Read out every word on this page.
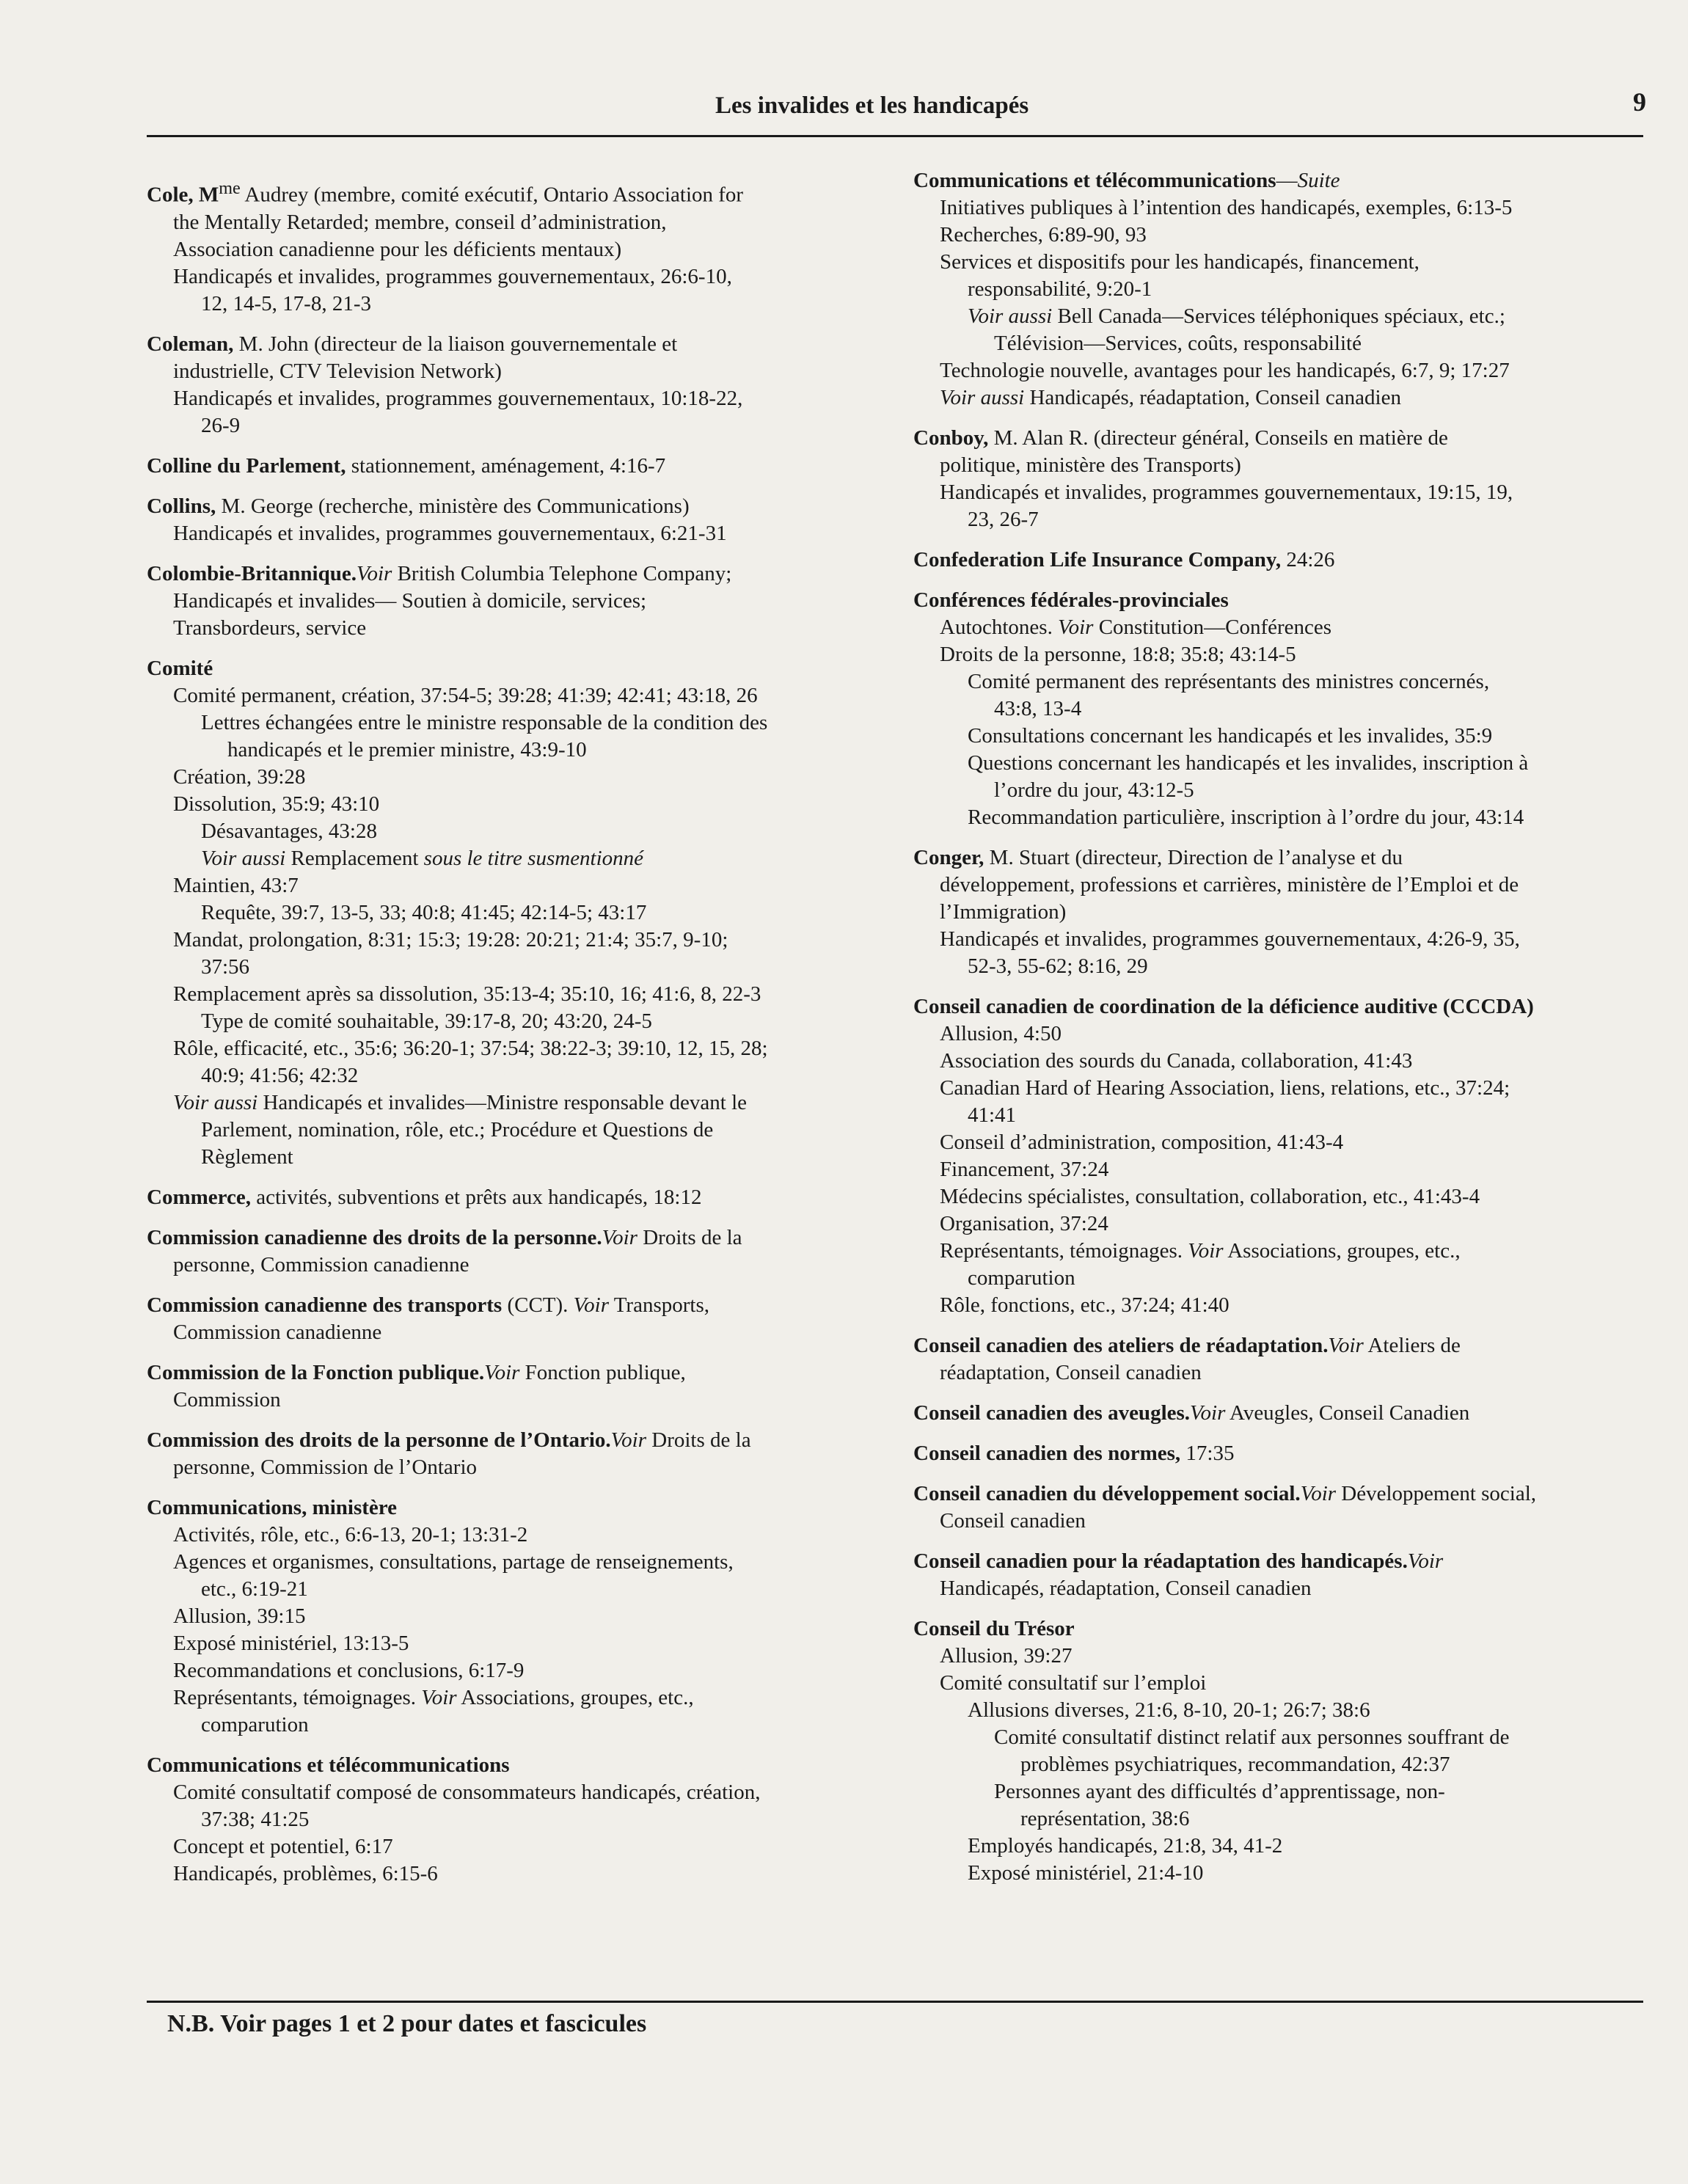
Les invalides et les handicapés	9
Cole, $M^{me}$ Audrey (membre, comité exécutif, Ontario Association for
the Mentally Retarded; membre, conseil d’administration,
Association canadienne pour les déficients mentaux)
Handicapés et invalides, programmes gouvernementaux, 26:6-10,
12, 14-5, 17-8, 21-3
Coleman, M. John (directeur de la liaison gouvernementale et
industrielle, CTV Television Network)
Handicapés et invalides, programmes gouvernementaux, 10:18-22,
26-9
Colline du Parlement, stationnement, aménagement, 4:16-7
Collins, M. George (recherche, ministère des Communications)
Handicapés et invalides, programmes gouvernementaux, 6:21-31
Colombie-Britannique.Voir British Columbia Telephone Company;
Handicapés et invalides— Soutien à domicile, services;
Transbordeurs, service
Comité
Comité permanent, création, 37:54-5; 39:28; 41:39; 42:41; 43:18, 26
Lettres échangées entre le ministre responsable de la condition des
handicapés et le premier ministre, 43:9-10
Création, 39:28
Dissolution, 35:9; 43:10
Désavantages, 43:28
Voir aussi Remplacement sous le titre susmentionné
Maintien, 43:7
Requête, 39:7, 13-5, 33; 40:8; 41:45; 42:14-5; 43:17
Mandat, prolongation, 8:31; 15:3; 19:28: 20:21; 21:4; 35:7, 9-10;
37:56
Remplacement après sa dissolution, 35:13-4; 35:10, 16; 41:6, 8, 22-3
Type de comité souhaitable, 39:17-8, 20; 43:20, 24-5
Rôle, efficacité, etc., 35:6; 36:20-1; 37:54; 38:22-3; 39:10, 12, 15, 28;
40:9; 41:56; 42:32
Voir aussi Handicapés et invalides—Ministre responsable devant le
Parlement, nomination, rôle, etc.; Procédure et Questions de
Règlement
Commerce, activités, subventions et prêts aux handicapés, 18:12
Commission canadienne des droits de la personne.Voir Droits de la
personne, Commission canadienne
Commission canadienne des transports (CCT). Voir Transports,
Commission canadienne
Commission de la Fonction publique.Voir Fonction publique,
Commission
Commission des droits de la personne de l’Ontario.Voir Droits de la
personne, Commission de l’Ontario
Communications, ministère
Activités, rôle, etc., 6:6-13, 20-1; 13:31-2
Agences et organismes, consultations, partage de renseignements,
etc., 6:19-21
Allusion, 39:15
Exposé ministériel, 13:13-5
Recommandations et conclusions, 6:17-9
Représentants, témoignages. Voir Associations, groupes, etc.,
comparution
Communications et télécommunications
Comité consultatif composé de consommateurs handicapés, création,
37:38; 41:25
Concept et potentiel, 6:17
Handicapés, problèmes, 6:15-6
Communications et télécommunications—Suite
Initiatives publiques à l’intention des handicapés, exemples, 6:13-5
Recherches, 6:89-90, 93
Services et dispositifs pour les handicapés, financement,
responsabilité, 9:20-1
Voir aussi Bell Canada—Services téléphoniques spéciaux, etc.;
Télévision—Services, coûts, responsabilité
Technologie nouvelle, avantages pour les handicapés, 6:7, 9; 17:27
Voir aussi Handicapés, réadaptation, Conseil canadien
Conboy, M. Alan R. (directeur général, Conseils en matière de
politique, ministère des Transports)
Handicapés et invalides, programmes gouvernementaux, 19:15, 19,
23, 26-7
Confederation Life Insurance Company, 24:26
Conférences fédérales-provinciales
Autochtones. Voir Constitution—Conférences
Droits de la personne, 18:8; 35:8; 43:14-5
Comité permanent des représentants des ministres concernés,
43:8, 13-4
Consultations concernant les handicapés et les invalides, 35:9
Questions concernant les handicapés et les invalides, inscription à
l’ordre du jour, 43:12-5
Recommandation particulière, inscription à l’ordre du jour, 43:14
Conger, M. Stuart (directeur, Direction de l’analyse et du
développement, professions et carrières, ministère de l’Emploi et de
l’Immigration)
Handicapés et invalides, programmes gouvernementaux, 4:26-9, 35,
52-3, 55-62; 8:16, 29
Conseil canadien de coordination de la déficience auditive (CCCDA)
Allusion, 4:50
Association des sourds du Canada, collaboration, 41:43
Canadian Hard of Hearing Association, liens, relations, etc., 37:24;
41:41
Conseil d’administration, composition, 41:43-4
Financement, 37:24
Médecins spécialistes, consultation, collaboration, etc., 41:43-4
Organisation, 37:24
Représentants, témoignages. Voir Associations, groupes, etc.,
comparution
Rôle, fonctions, etc., 37:24; 41:40
Conseil canadien des ateliers de réadaptation.Voir Ateliers de
réadaptation, Conseil canadien
Conseil canadien des aveugles.Voir Aveugles, Conseil Canadien
Conseil canadien des normes, 17:35
Conseil canadien du développement social.Voir Développement social,
Conseil canadien
Conseil canadien pour la réadaptation des handicapés.Voir
Handicapés, réadaptation, Conseil canadien
Conseil du Trésor
Allusion, 39:27
Comité consultatif sur l’emploi
Allusions diverses, 21:6, 8-10, 20-1; 26:7; 38:6
Comité consultatif distinct relatif aux personnes souffrant de
problèmes psychiatriques, recommandation, 42:37
Personnes ayant des difficultés d’apprentissage, non-
représentation, 38:6
Employés handicapés, 21:8, 34, 41-2
Exposé ministériel, 21:4-10
N.B. Voir pages 1 et 2 pour dates et fascicules
